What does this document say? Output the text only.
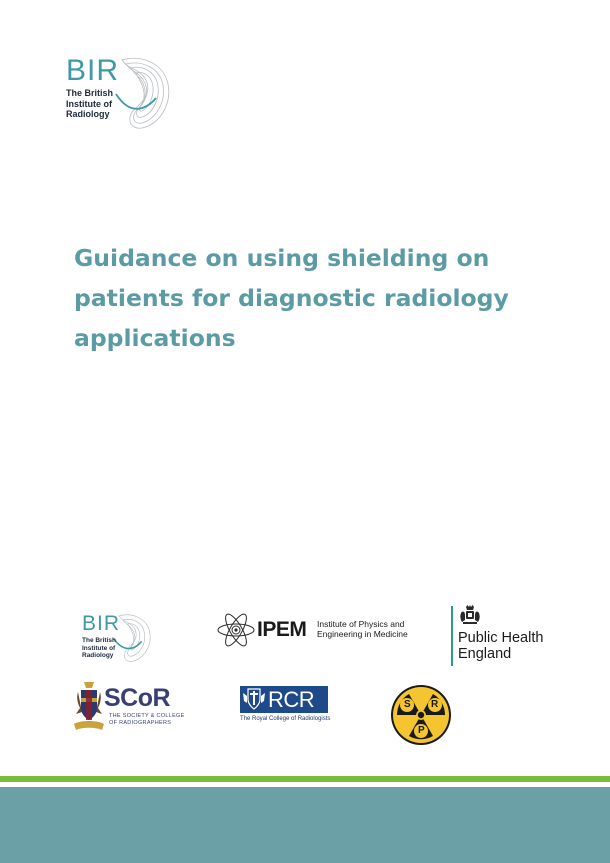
BIR
The British
Institute of
Radiology
Guidance on using shielding on
patients for diagnostic radiology
applications
BIR
The British
Institute of
Radiology
IPEM Institute of Physics and
Engineering in Medicine	Public Health
England
SCoR
THE SOCIETY & COLLEGE
OF RADIOGRAPHERS
RCR
The Royal College of Radiologists
S R
P
